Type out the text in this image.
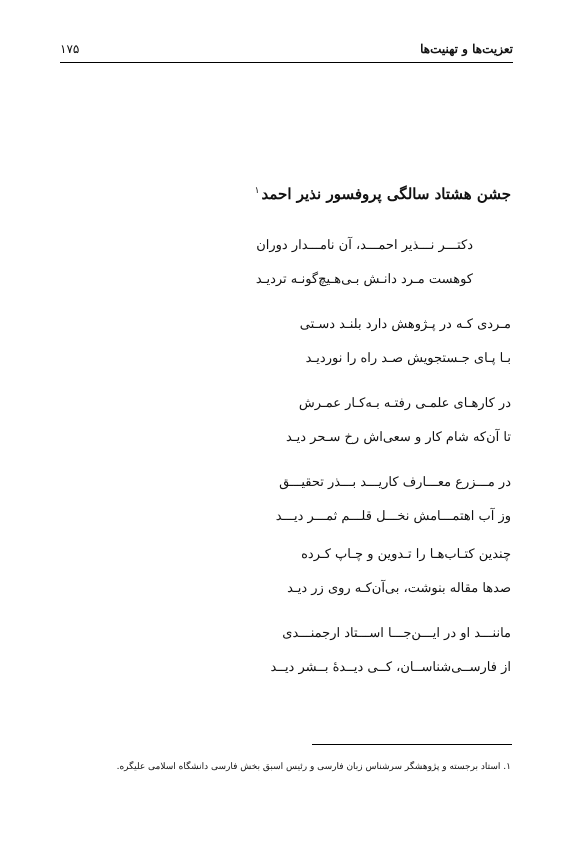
۱۷۵	تعزیت‌ها و تهنیت‌ها
جشن هشتاد سالگی پروفسور نذیر احمد$^۱$
دکتـــر نـــذیر احمـــد، آن نامـــدار دوران
کوهست مـرد دانـش بـی‌هـیچ‌گونـه تردیـد
مـردی کـه در پـژوهش دارد بلنـد دسـتی
بـا پـای جـستجویش صـد راه را نوردیـد
در کارهـای علمـی رفتـه بـه‌کـار عمـرش
تا آن‌که شام کار و سعی‌اش رخ سـحر دیـد
در مـــزرع معـــارف کاریـــد بـــذر تحقیـــق
وز آب اهتمـــامش نخـــل قلـــم ثمـــر دیـــد
چندین کتـاب‌هـا را تـدوین و چـاپ کـرده
صدها مقاله بنوشت، بی‌آن‌کـه روی زر دیـد
ماننـــد او در ایـــن‌جـــا اســـتاد ارجمنـــدی
از فارســی‌شناســان، کــی دیــدهٔ بــشر دیــد
۱. استاد برجسته و پژوهشگر سرشناس زبان فارسی و رئیس اسبق بخش فارسی دانشگاه اسلامی علیگره.
